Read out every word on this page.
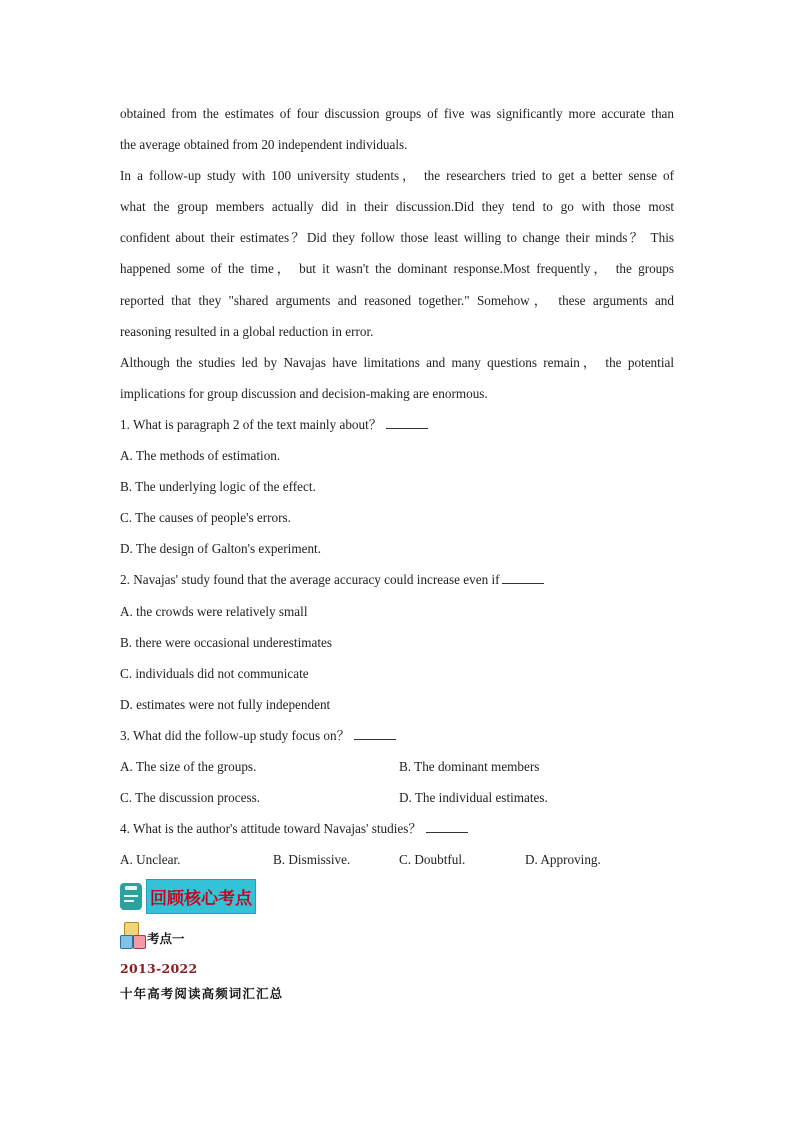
obtained from the estimates of four discussion groups of five was significantly more accurate than
the average obtained from 20 independent individuals.
In a follow-up study with 100 university students， the researchers tried to get a better sense of
what the group members actually did in their discussion.Did they tend to go with those most
confident about their estimates？Did they follow those least willing to change their minds？ This
happened some of the time， but it wasn't the dominant response.Most frequently， the groups
reported that they "shared arguments and reasoned together." Somehow， these arguments and
reasoning resulted in a global reduction in error.
Although the studies led by Navajas have limitations and many questions remain， the potential
implications for group discussion and decision-making are enormous.
1. What is paragraph 2 of the text mainly about？
A. The methods of estimation.
B. The underlying logic of the effect.
C. The causes of people's errors.
D. The design of Galton's experiment.
2. Navajas' study found that the average accuracy could increase even if
A. the crowds were relatively small
B. there were occasional underestimates
C. individuals did not communicate
D. estimates were not fully independent
3. What did the follow-up study focus on？
A. The size of the groups.	B. The dominant members
C. The discussion process.	D. The individual estimates.
4. What is the author's attitude toward Navajas' studies？
A. Unclear.	B. Dismissive.	C. Doubtful.	D. Approving.
回顾核心考点
考点一
2013-2022
十年高考阅读高频词汇汇总
